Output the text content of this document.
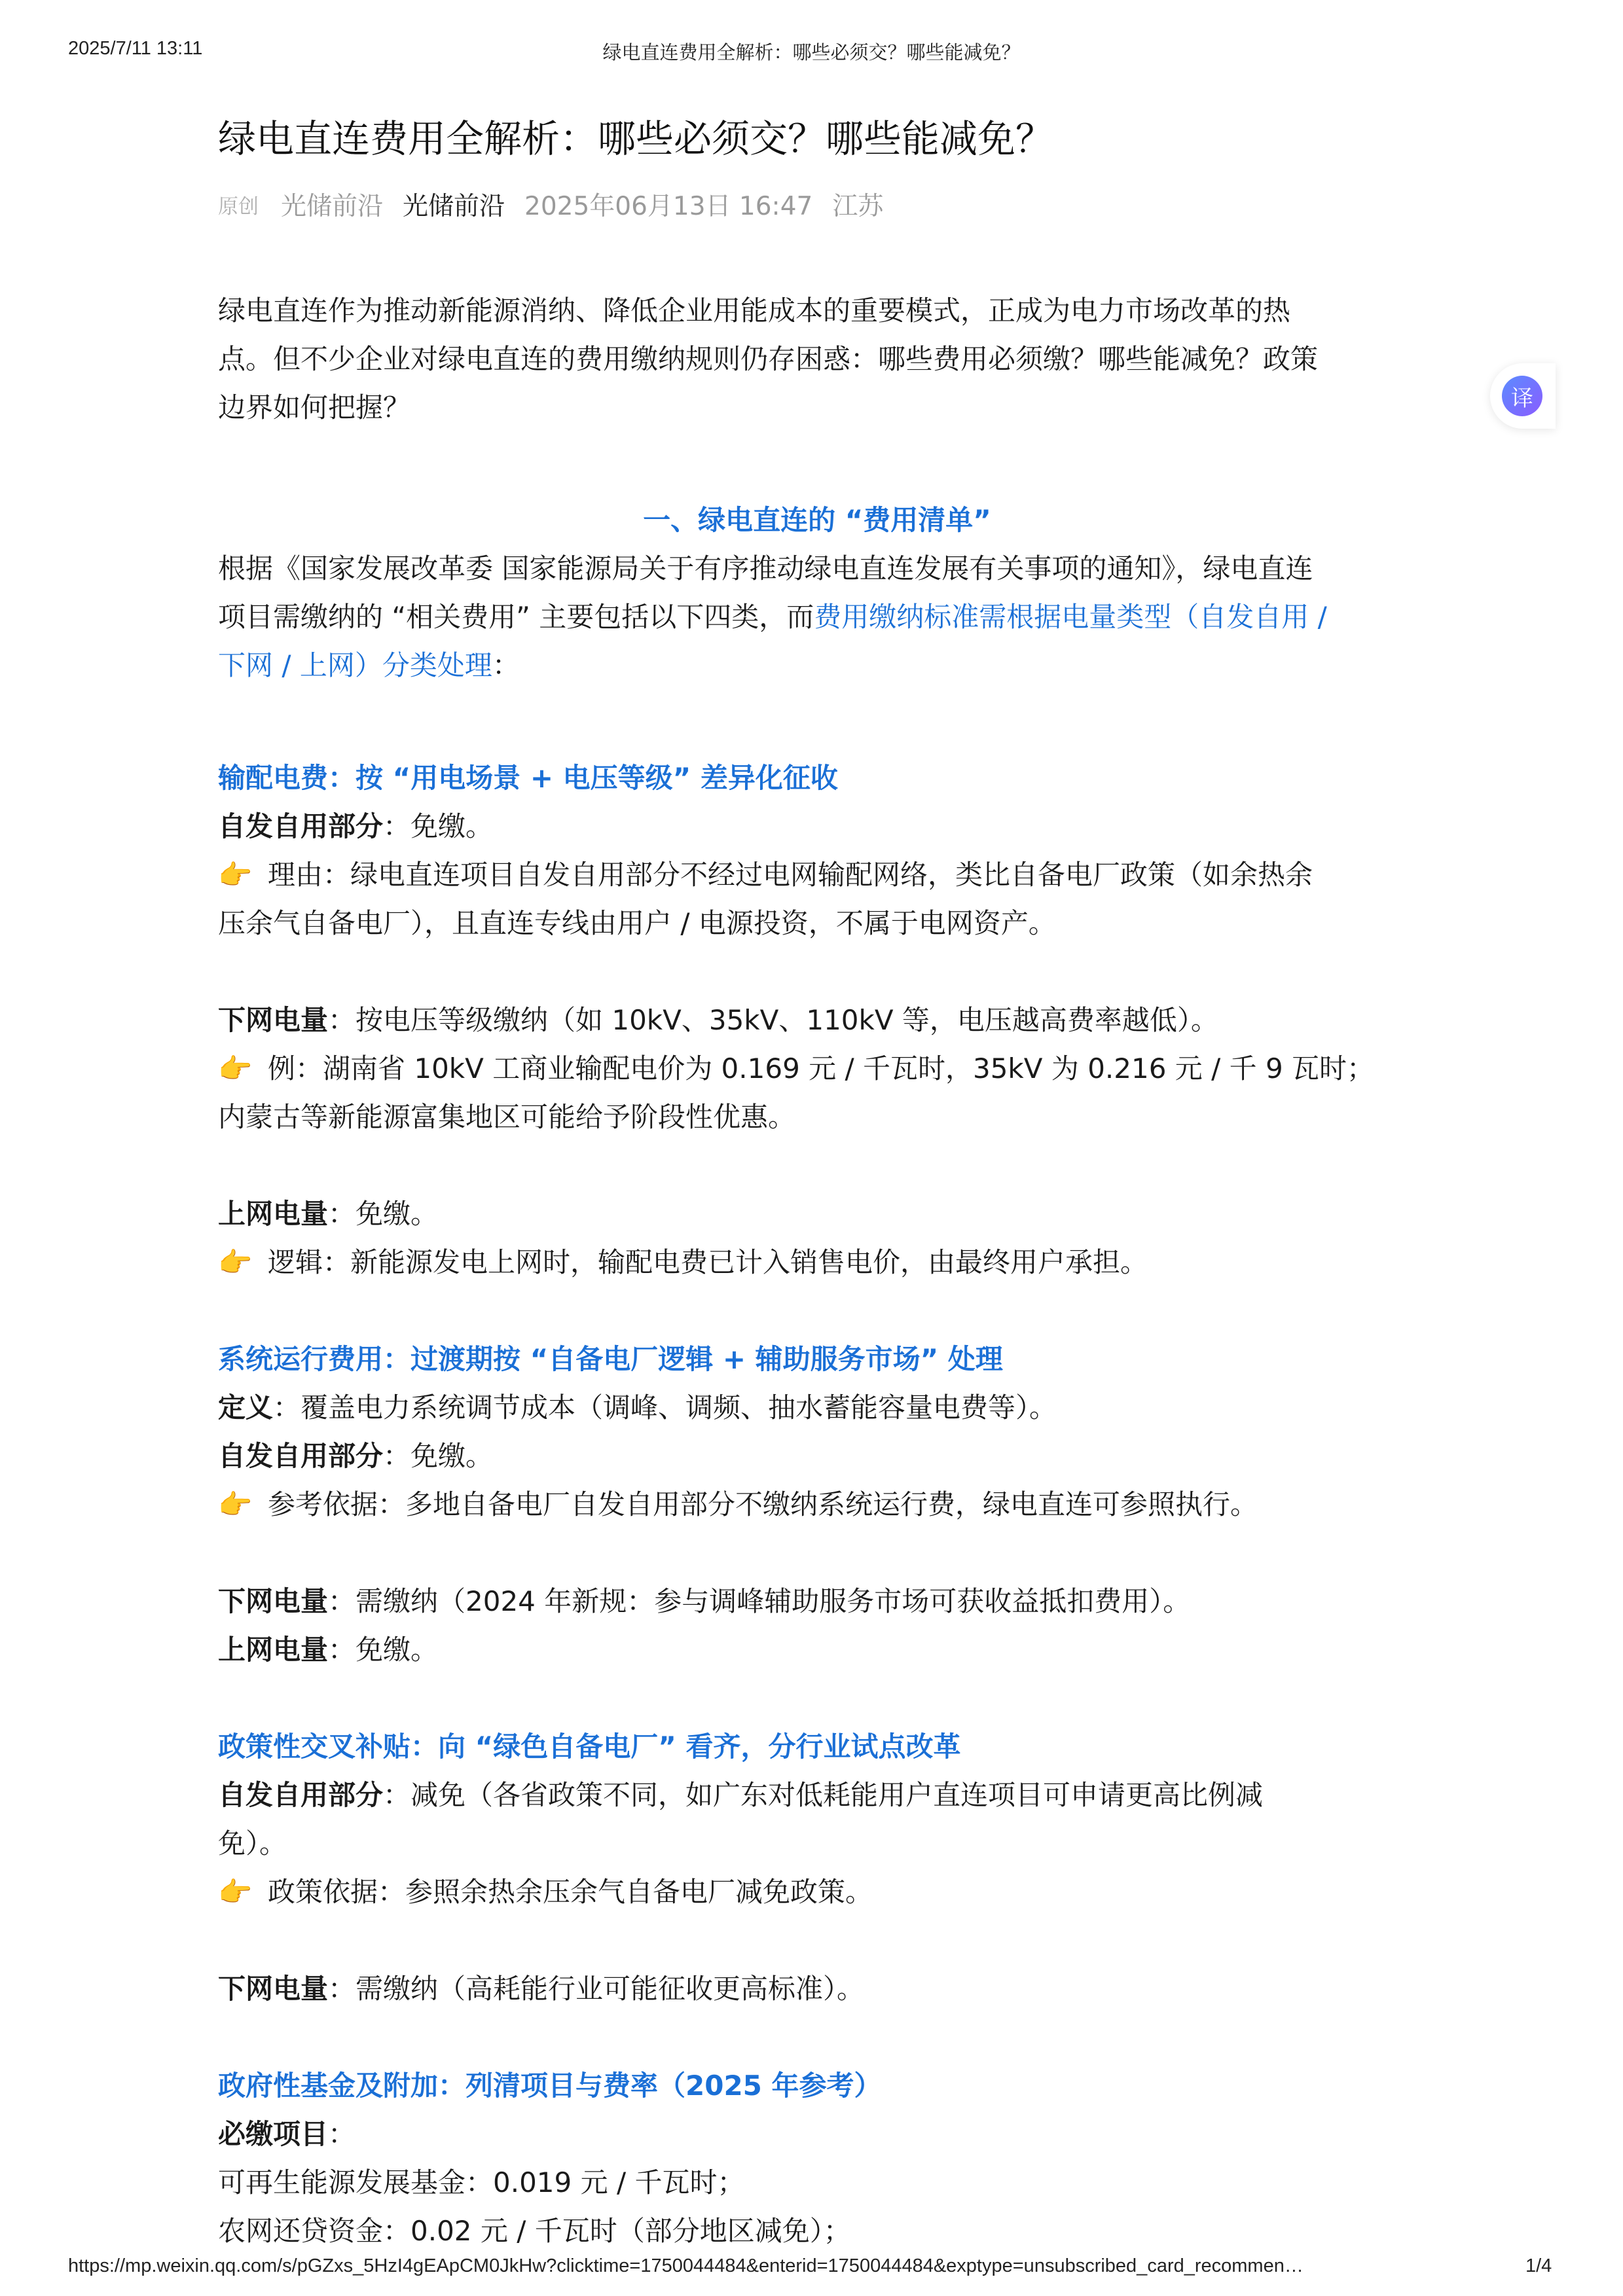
2025/7/11 13:11	绿电直连费用全解析：哪些必须交？哪些能减免？
绿电直连费用全解析：哪些必须交？哪些能减免？
原创 光储前沿 光储前沿 2025年06月13日 16:47 江苏

绿电直连作为推动新能源消纳、降低企业用能成本的重要模式，正成为电力市场改革的热

点。但不少企业对绿电直连的费用缴纳规则仍存困惑：哪些费用必须缴？哪些能减免？政策

边界如何把握？

一、绿电直连的 “费用清单”

根据《国家发展改革委 国家能源局关于有序推动绿电直连发展有关事项的通知》，绿电直连

项目需缴纳的 “相关费用” 主要包括以下四类，而费用缴纳标准需根据电量类型（自发自用 /

下网 / 上网）分类处理：

输配电费：按 “用电场景 + 电压等级” 差异化征收

自发自用部分：免缴。

👉 理由：绿电直连项目自发自用部分不经过电网输配网络，类比自备电厂政策（如余热余

压余气自备电厂），且直连专线由用户 / 电源投资，不属于电网资产。

下网电量：按电压等级缴纳（如 10kV、35kV、110kV 等，电压越高费率越低）。

👉 例：湖南省 10kV 工商业输配电价为 0.169 元 / 千瓦时，35kV 为 0.216 元 / 千 9 瓦时；

内蒙古等新能源富集地区可能给予阶段性优惠。

上网电量：免缴。

👉 逻辑：新能源发电上网时，输配电费已计入销售电价，由最终用户承担。

系统运行费用：过渡期按 “自备电厂逻辑 + 辅助服务市场” 处理

定义：覆盖电力系统调节成本（调峰、调频、抽水蓄能容量电费等）。

自发自用部分：免缴。

👉 参考依据：多地自备电厂自发自用部分不缴纳系统运行费，绿电直连可参照执行。

下网电量：需缴纳（2024 年新规：参与调峰辅助服务市场可获收益抵扣费用）。

上网电量：免缴。

政策性交叉补贴：向 “绿色自备电厂” 看齐，分行业试点改革

自发自用部分：减免（各省政策不同，如广东对低耗能用户直连项目可申请更高比例减

免）。

👉 政策依据：参照余热余压余气自备电厂减免政策。

下网电量：需缴纳（高耗能行业可能征收更高标准）。

政府性基金及附加：列清项目与费率（2025 年参考）

必缴项目：

可再生能源发展基金：0.019 元 / 千瓦时；

农网还贷资金：0.02 元 / 千瓦时（部分地区减免）；

译
https://mp.weixin.qq.com/s/pGZxs_5HzI4gEApCM0JkHw?clicktime=1750044484&enterid=1750044484&exptype=unsubscribed_card_recommen…	1/4
